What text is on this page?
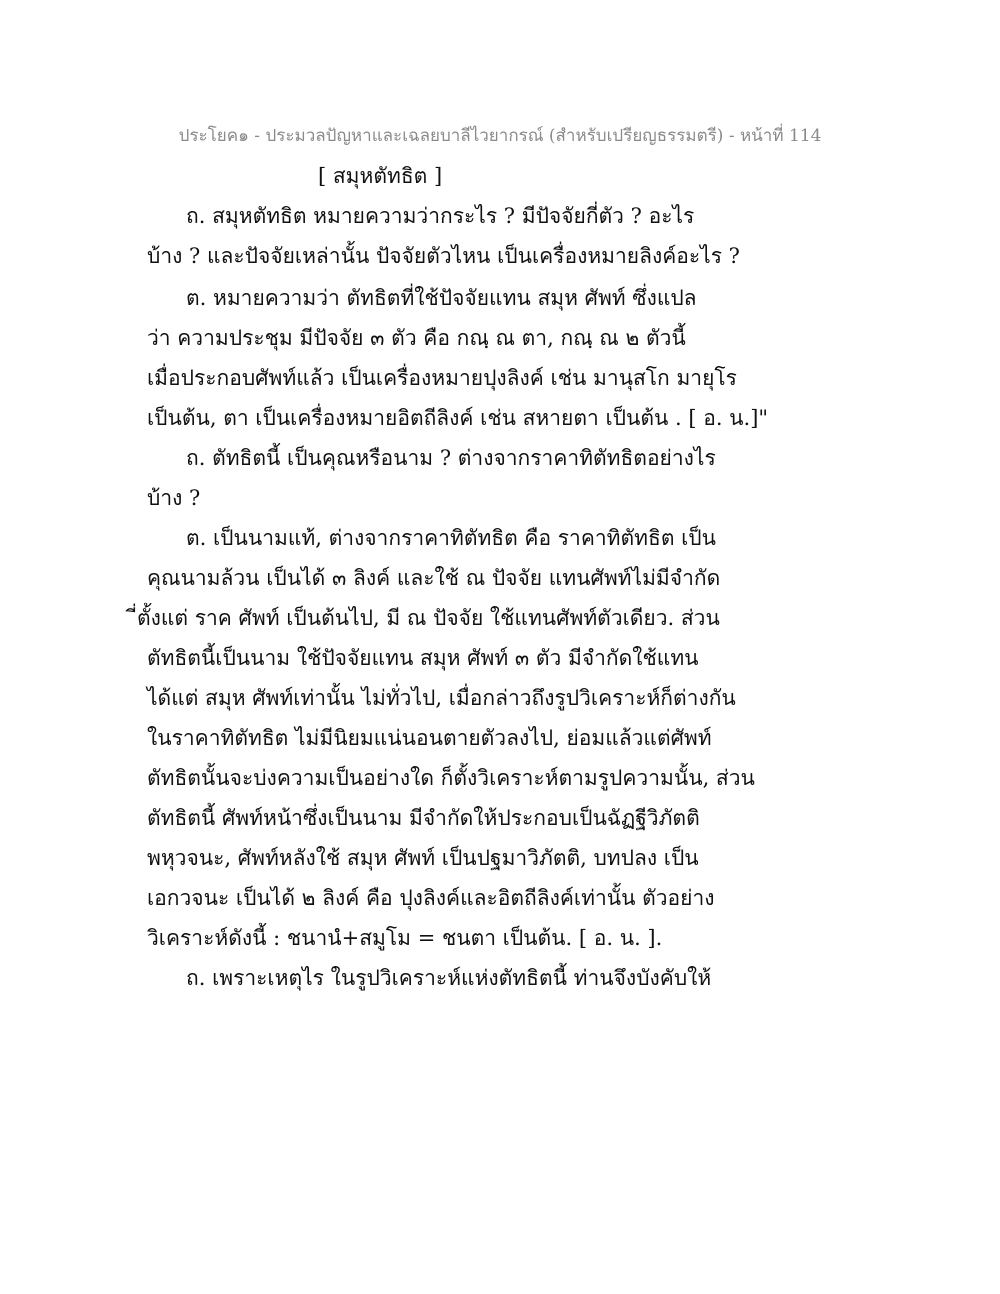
ประโยค๑ - ประมวลปัญหาและเฉลยบาลีไวยากรณ์ (สำหรับเปรียญธรรมตรี) - หน้าที่ 114
[ สมุหตัทธิต ]
ถ. สมุหตัทธิต หมายความว่ากระไร ? มีปัจจัยกี่ตัว ? อะไร
บ้าง ? และปัจจัยเหล่านั้น ปัจจัยตัวไหน เป็นเครื่องหมายลิงค์อะไร ?
ต. หมายความว่า ตัทธิตที่ใช้ปัจจัยแทน สมุห ศัพท์ ซึ่งแปล
ว่า ความประชุม มีปัจจัย ๓ ตัว คือ กณฺ ณ ตา, กณฺ ณ ๒ ตัวนี้
เมื่อประกอบศัพท์แล้ว เป็นเครื่องหมายปุงลิงค์ เช่น มานุสโก มายุโร
เป็นต้น, ตา เป็นเครื่องหมายอิตถีลิงค์ เช่น สหายตา เป็นต้น . [ อ. น.]"
ถ. ตัทธิตนี้ เป็นคุณหรือนาม ? ต่างจากราคาทิตัทธิตอย่างไร
บ้าง ?
ต. เป็นนามแท้, ต่างจากราคาทิตัทธิต คือ ราคาทิตัทธิต เป็น
คุณนามล้วน เป็นได้ ๓ ลิงค์ และใช้ ณ ปัจจัย แทนศัพท์ไม่มีจำกัด
ี่ตั้งแต่ ราค ศัพท์ เป็นต้นไป, มี ณ ปัจจัย ใช้แทนศัพท์ตัวเดียว. ส่วน
ตัทธิตนี้เป็นนาม ใช้ปัจจัยแทน สมุห ศัพท์ ๓ ตัว มีจำกัดใช้แทน
ได้แต่ สมุห ศัพท์เท่านั้น ไม่ทั่วไป, เมื่อกล่าวถึงรูปวิเคราะห์ก็ต่างกัน
ในราคาทิตัทธิต ไม่มีนิยมแน่นอนตายตัวลงไป, ย่อมแล้วแต่ศัพท์
ตัทธิตนั้นจะบ่งความเป็นอย่างใด ก็ตั้งวิเคราะห์ตามรูปความนั้น, ส่วน
ตัทธิตนี้ ศัพท์หน้าซึ่งเป็นนาม มีจำกัดให้ประกอบเป็นฉัฏฐีวิภัตติ
พหุวจนะ, ศัพท์หลังใช้ สมุห ศัพท์ เป็นปฐมาวิภัตติ, บทปลง เป็น
เอกวจนะ เป็นได้ ๒ ลิงค์ คือ ปุงลิงค์และอิตถีลิงค์เท่านั้น ตัวอย่าง
วิเคราะห์ดังนี้ : ชนานํ+สมูโม = ชนตา เป็นต้น. [ อ. น. ].
ถ. เพราะเหตุไร ในรูปวิเคราะห์แห่งตัทธิตนี้ ท่านจึงบังคับให้
